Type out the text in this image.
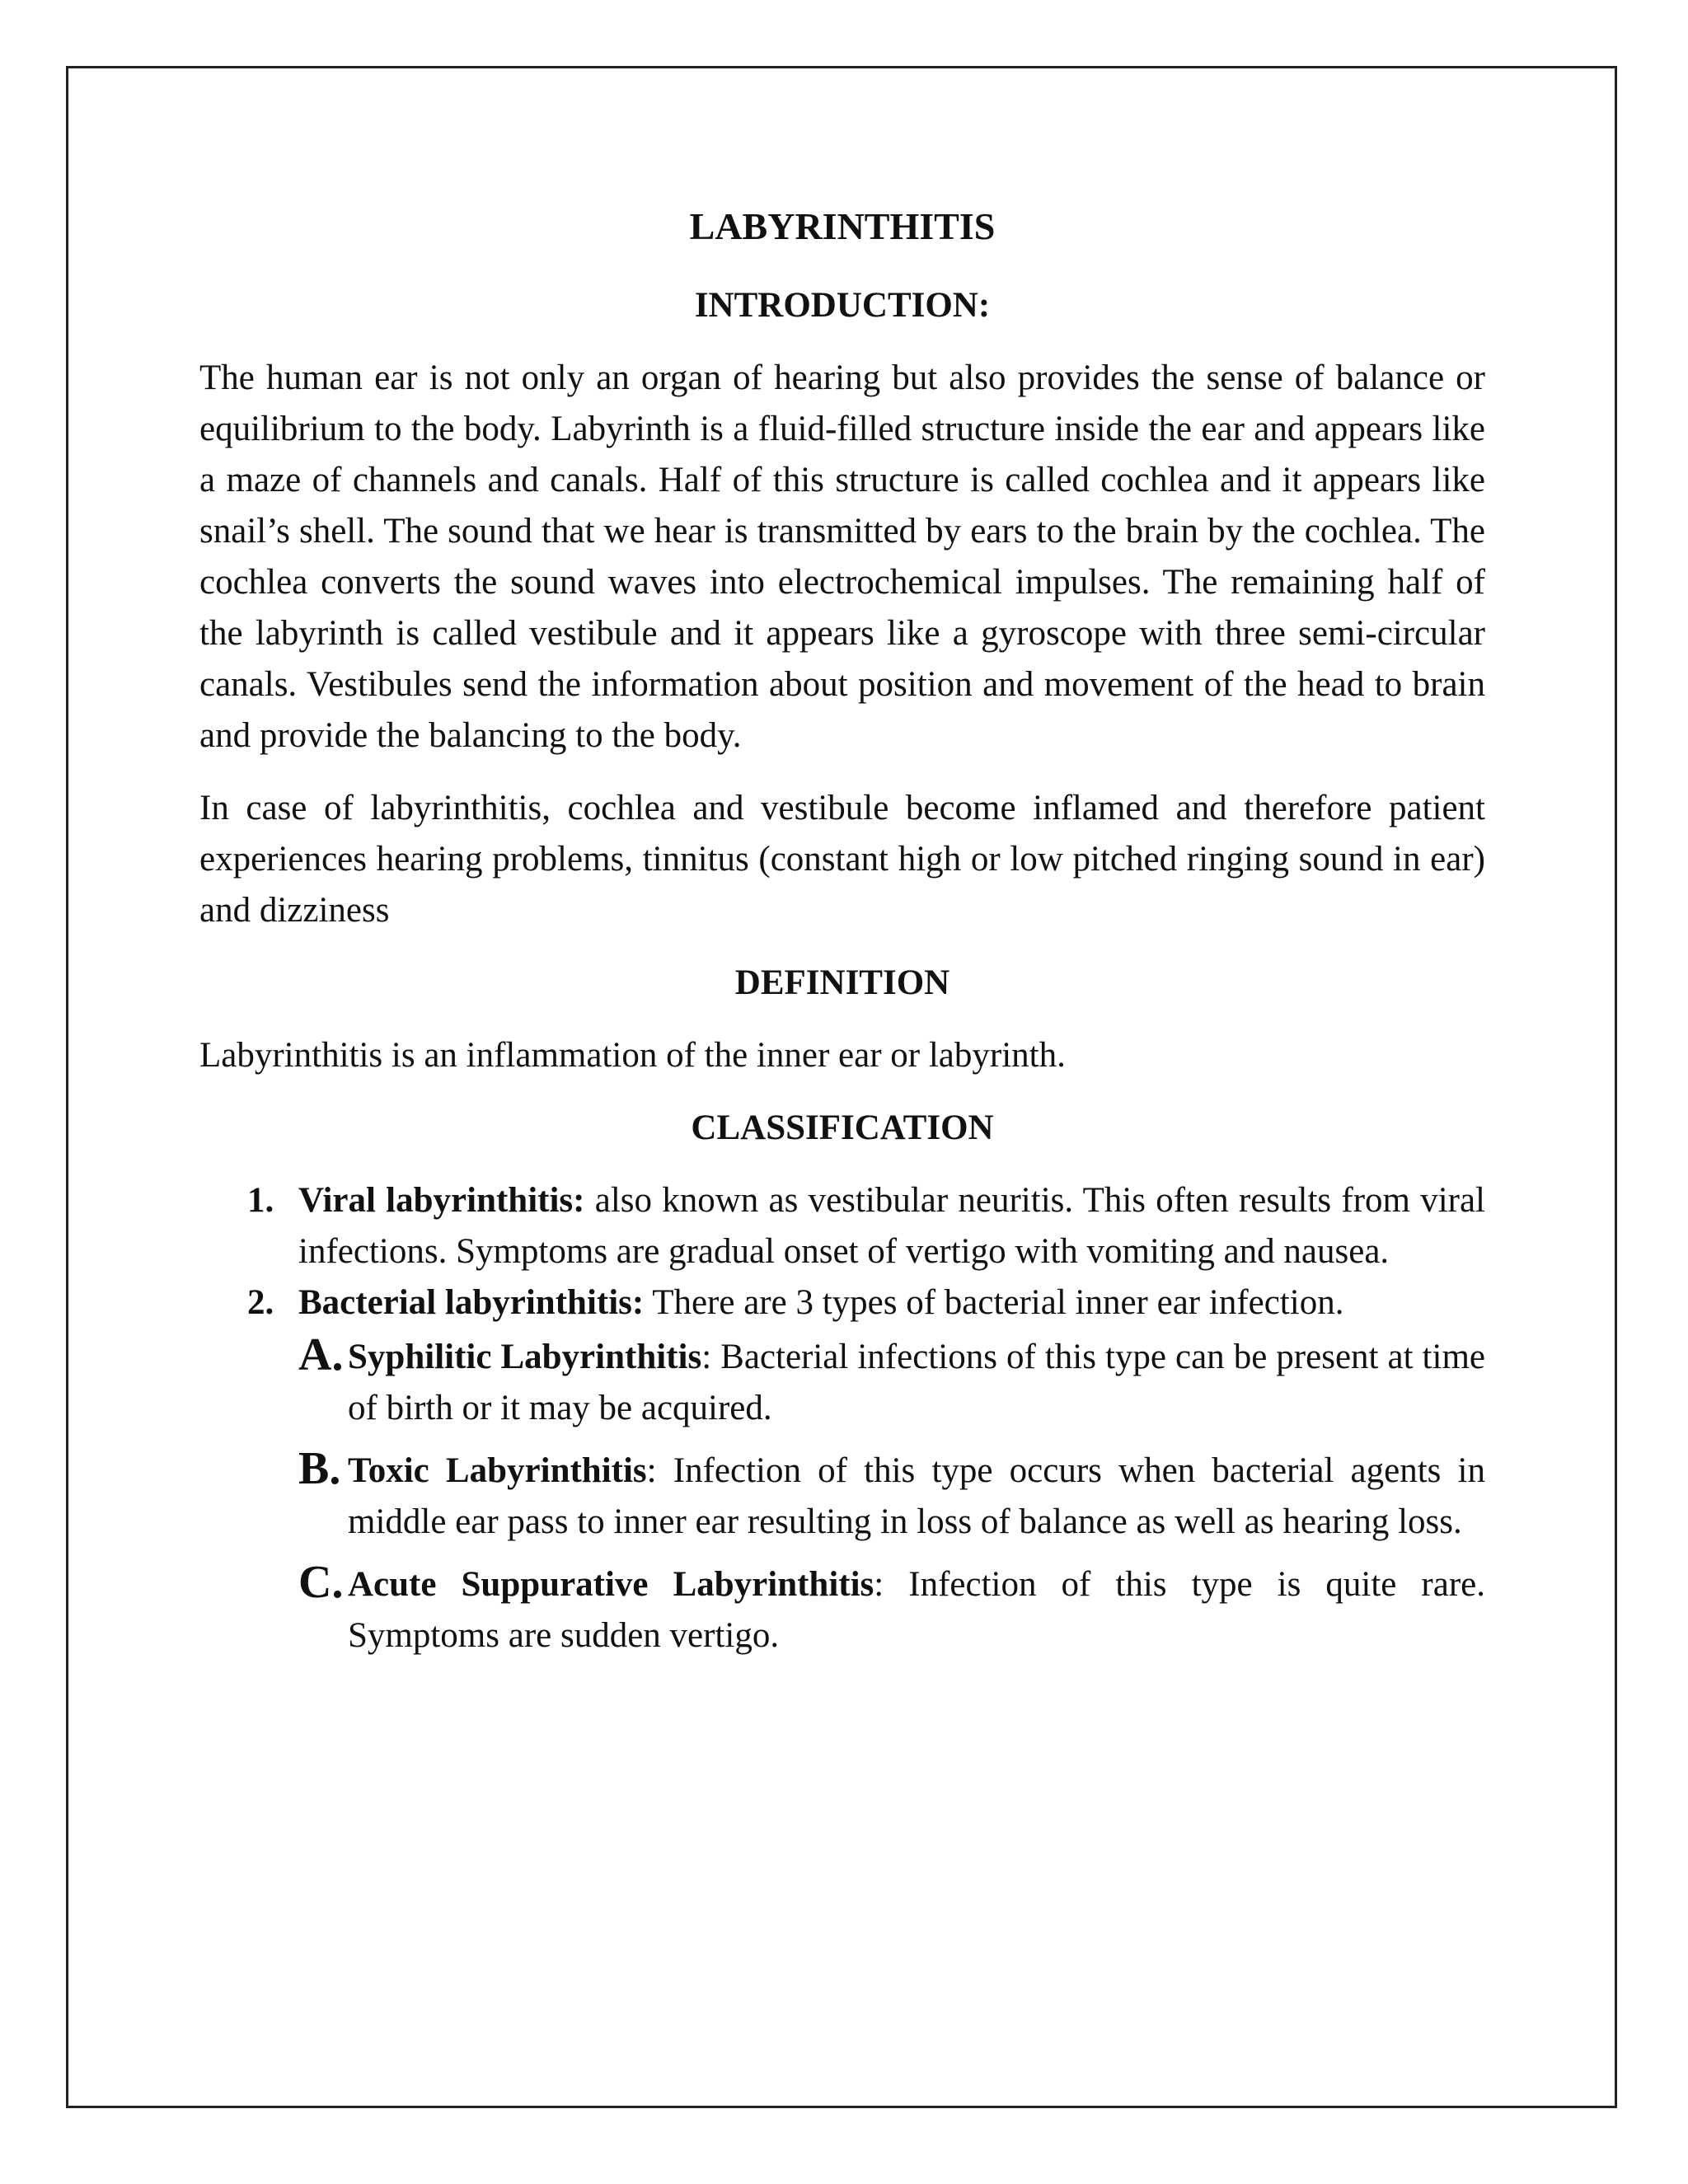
LABYRINTHITIS
INTRODUCTION:

The human ear is not only an organ of hearing but also provides the sense of balance or equilibrium to the body. Labyrinth is a fluid-filled structure inside the ear and appears like a maze of channels and canals. Half of this structure is called cochlea and it appears like snail’s shell. The sound that we hear is transmitted by ears to the brain by the cochlea. The cochlea converts the sound waves into electrochemical impulses. The remaining half of the labyrinth is called vestibule and it appears like a gyroscope with three semi-circular canals. Vestibules send the information about position and movement of the head to brain and provide the balancing to the body.

In case of labyrinthitis, cochlea and vestibule become inflamed and therefore patient experiences hearing problems, tinnitus (constant high or low pitched ringing sound in ear) and dizziness

DEFINITION

Labyrinthitis is an inflammation of the inner ear or labyrinth.

CLASSIFICATION
1. Viral labyrinthitis: also known as vestibular neuritis. This often results from viral infections. Symptoms are gradual onset of vertigo with vomiting and nausea.
2. Bacterial labyrinthitis: There are 3 types of bacterial inner ear infection.
A. Syphilitic Labyrinthitis: Bacterial infections of this type can be present at time of birth or it may be acquired.
B. Toxic Labyrinthitis: Infection of this type occurs when bacterial agents in middle ear pass to inner ear resulting in loss of balance as well as hearing loss.
C. Acute Suppurative Labyrinthitis: Infection of this type is quite rare. Symptoms are sudden vertigo.
